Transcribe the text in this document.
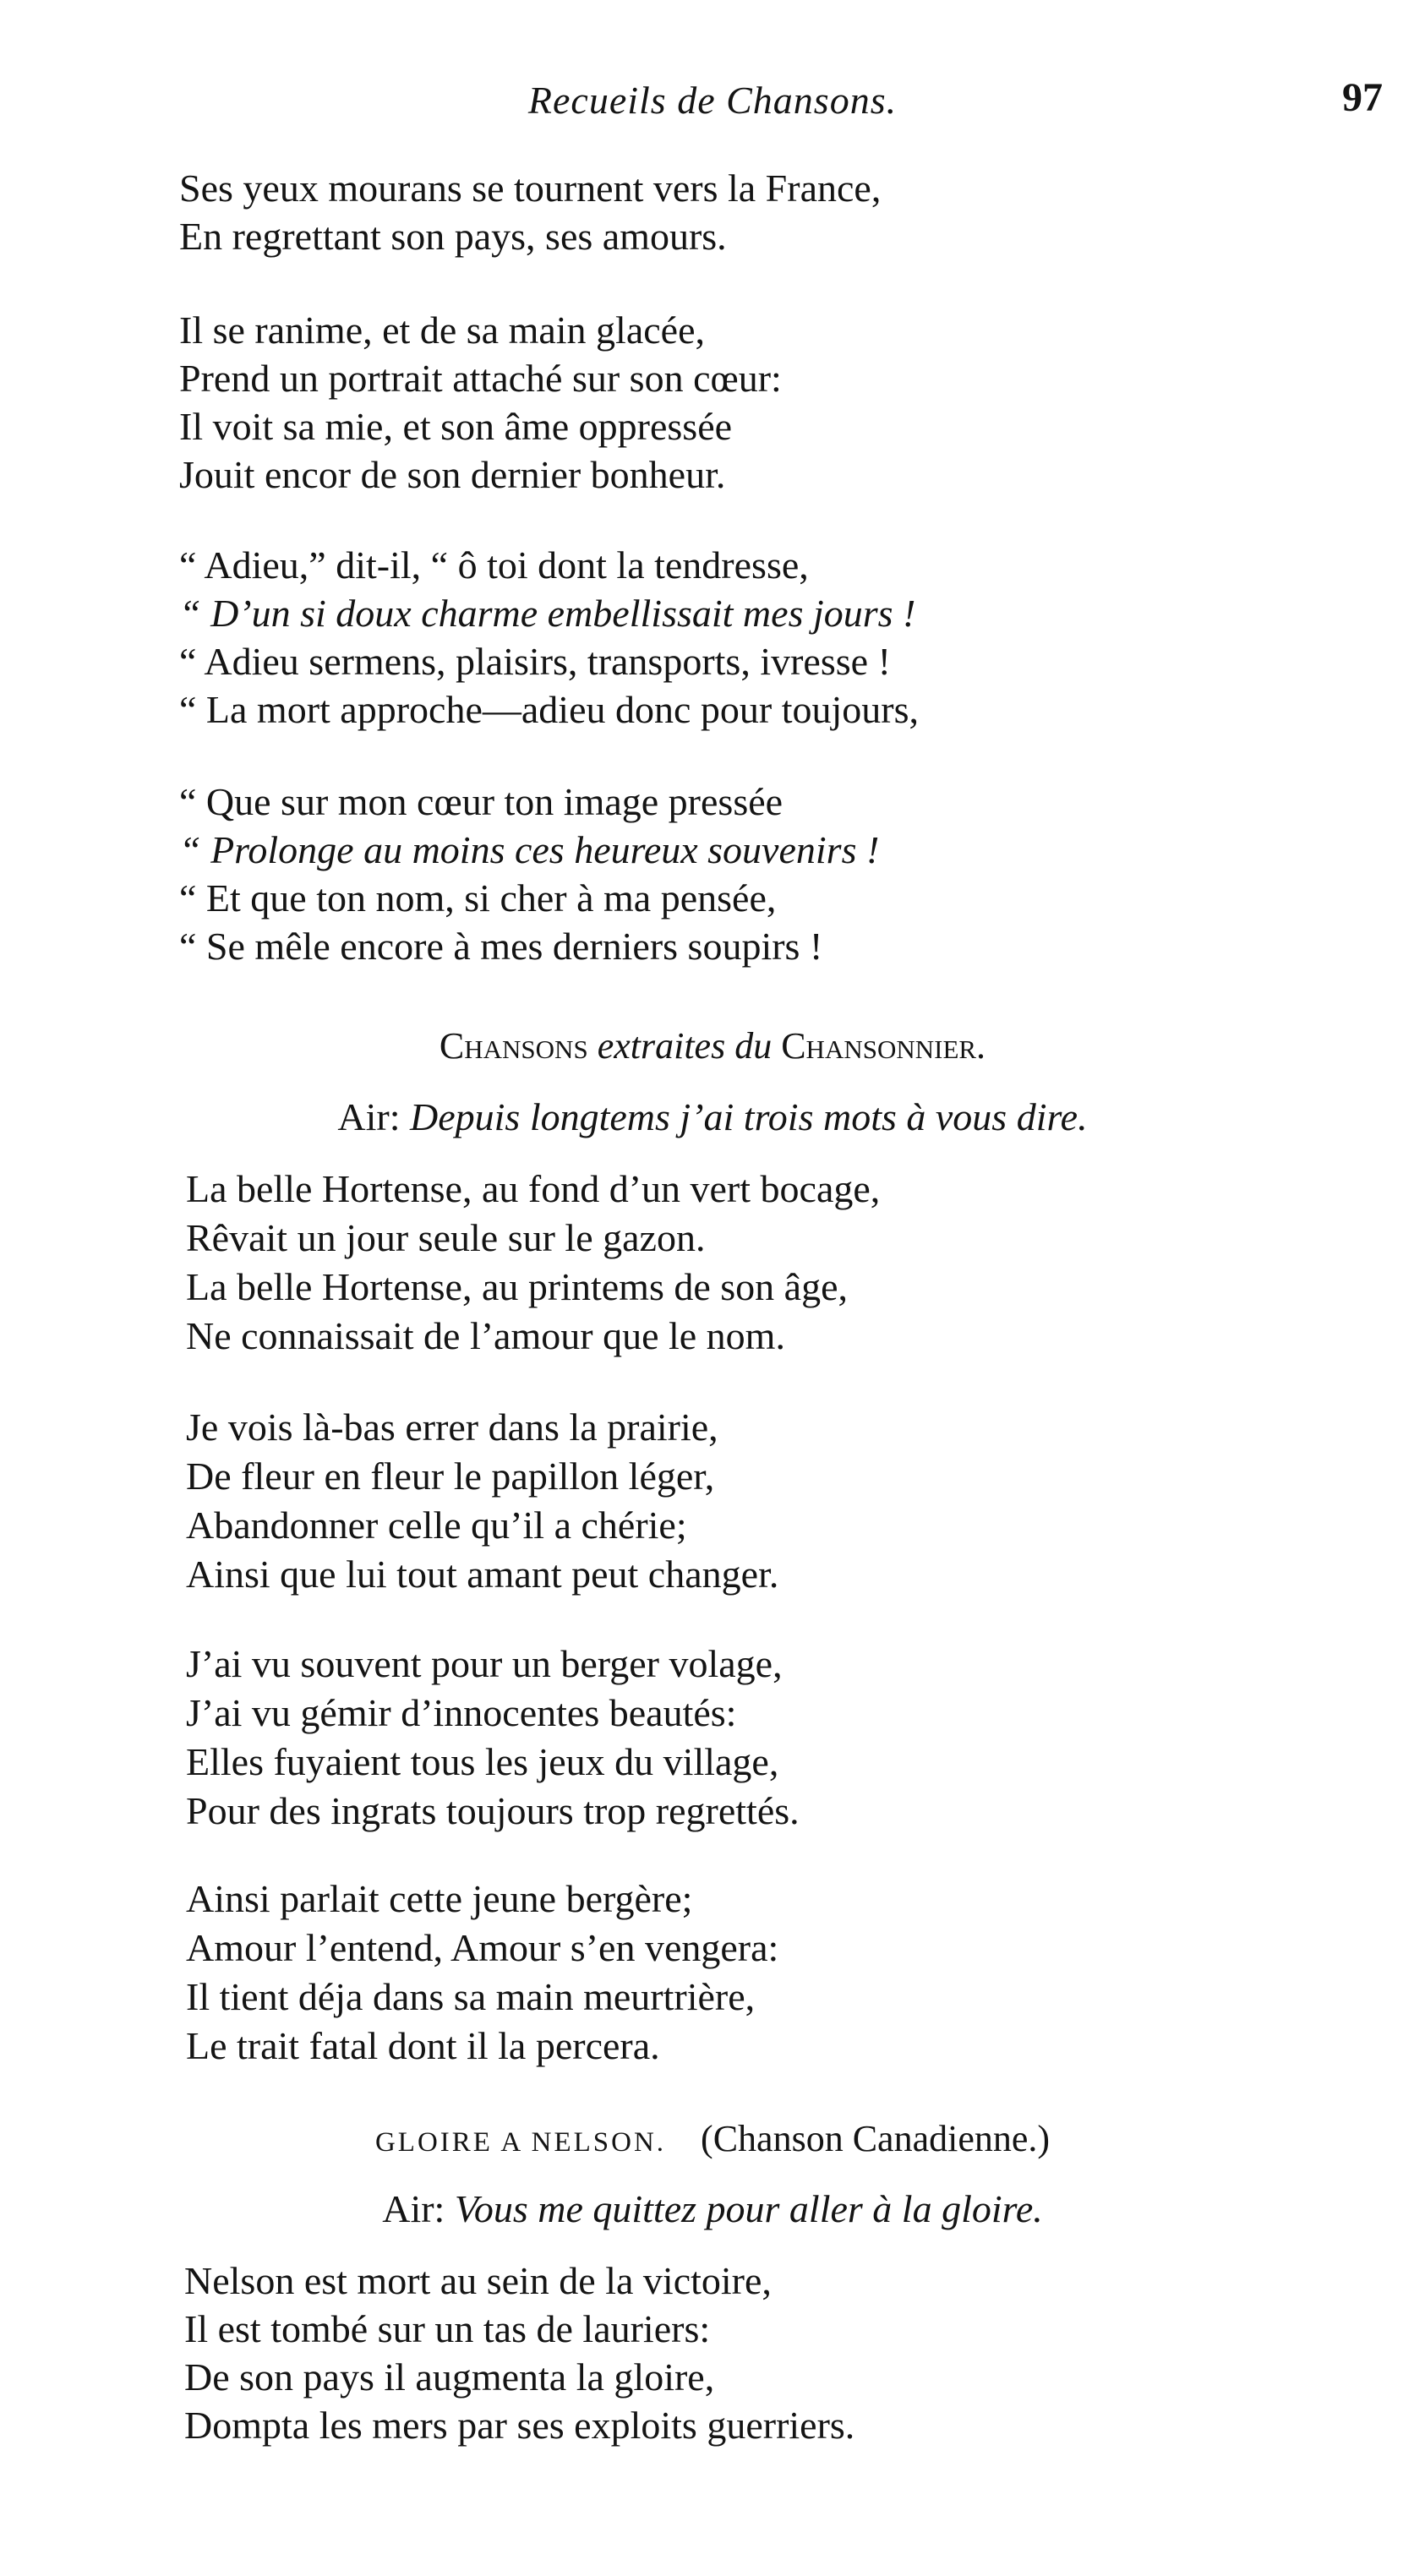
Recueils de Chansons.	97
Ses yeux mourans se tournent vers la France,
En regrettant son pays, ses amours.
Il se ranime, et de sa main glacée,
Prend un portrait attaché sur son cœur:
Il voit sa mie, et son âme oppressée
Jouit encor de son dernier bonheur.
“ Adieu,” dit-il, “ ô toi dont la tendresse,
“ D’un si doux charme embellissait mes jours !
“ Adieu sermens, plaisirs, transports, ivresse !
“ La mort approche—adieu donc pour toujours,
“ Que sur mon cœur ton image pressée
“ Prolonge au moins ces heureux souvenirs !
“ Et que ton nom, si cher à ma pensée,
“ Se mêle encore à mes derniers soupirs !
Chansons extraites du Chansonnier.
Air: Depuis longtems j’ai trois mots à vous dire.
La belle Hortense, au fond d’un vert bocage,
Rêvait un jour seule sur le gazon.
La belle Hortense, au printems de son âge,
Ne connaissait de l’amour que le nom.
Je vois là-bas errer dans la prairie,
De fleur en fleur le papillon léger,
Abandonner celle qu’il a chérie;
Ainsi que lui tout amant peut changer.
J’ai vu souvent pour un berger volage,
J’ai vu gémir d’innocentes beautés:
Elles fuyaient tous les jeux du village,
Pour des ingrats toujours trop regrettés.
Ainsi parlait cette jeune bergère;
Amour l’entend, Amour s’en vengera:
Il tient déja dans sa main meurtrière,
Le trait fatal dont il la percera.
GLOIRE A NELSON. (Chanson Canadienne.)
Air: Vous me quittez pour aller à la gloire.
Nelson est mort au sein de la victoire,
Il est tombé sur un tas de lauriers:
De son pays il augmenta la gloire,
Dompta les mers par ses exploits guerriers.
